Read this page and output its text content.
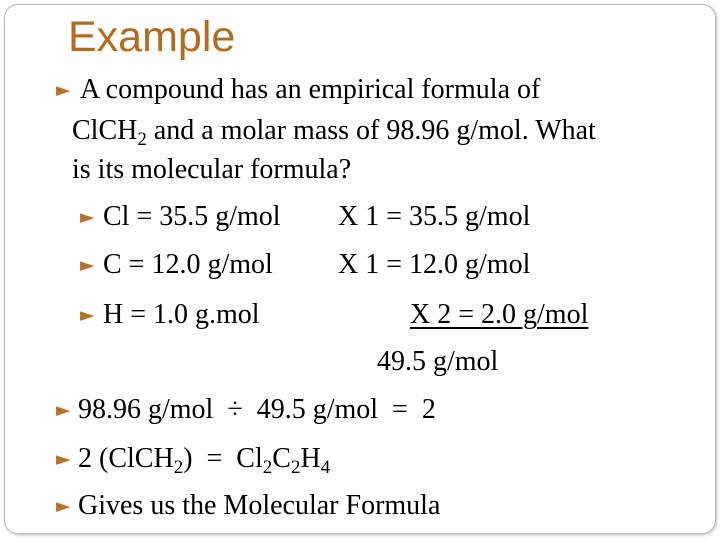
Example
► A compound has an empirical formula of
ClCH$_2$ and a molar mass of 98.96 g/mol. What
is its molecular formula?
► Cl = 35.5 g/mol X 1 = 35.5 g/mol
► C = 12.0 g/mol X 1 = 12.0 g/mol
► H = 1.0 g.mol	X 2 = 2.0 g/mol
49.5 g/mol
► 98.96 g/mol  ÷  49.5 g/mol  =  2
► 2 (ClCH$_2$)  =  $Cl_2C_2H_4$
► Gives us the Molecular Formula
